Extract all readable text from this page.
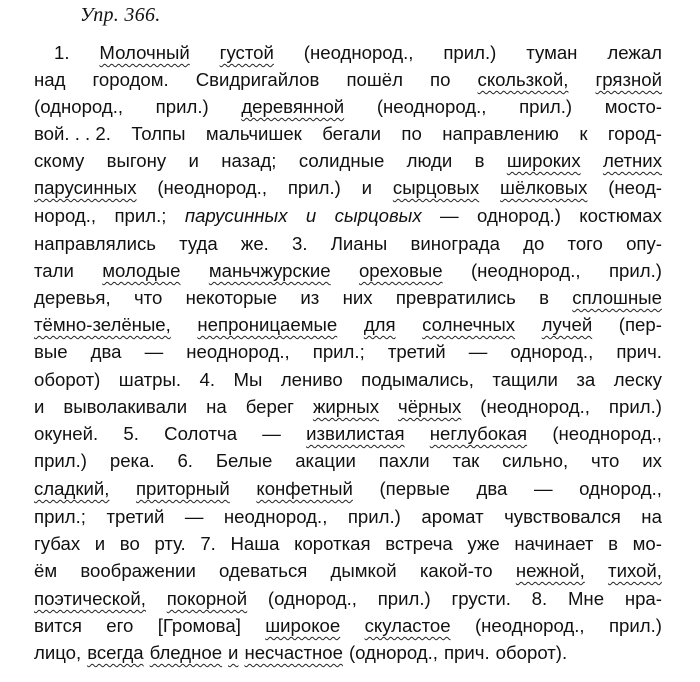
Упр. 366.
1. Молочный густой (неоднород., прил.) туман лежал
над городом. Свидригайлов пошёл по скользкой, грязной
(однород., прил.) деревянной (неоднород., прил.) мосто-
вой. . . 2. Толпы мальчишек бегали по направлению к город-
скому выгону и назад; солидные люди в широких летних
парусинных (неоднород., прил.) и сырцовых шёлковых (неод-
нород., прил.; парусинных и сырцовых — однород.) костюмах
направлялись туда же. 3. Лианы винограда до того опу-
тали молодые маньчжурские ореховые (неоднород., прил.)
деревья, что некоторые из них превратились в сплошные
тёмно-зелёные, непроницаемые для солнечных лучей (пер-
вые два — неоднород., прил.; третий — однород., прич.
оборот) шатры. 4. Мы лениво подымались, тащили за леску
и выволакивали на берег жирных чёрных (неоднород., прил.)
окуней. 5. Солотча — извилистая неглубокая (неоднород.,
прил.) река. 6. Белые акации пахли так сильно, что их
сладкий, приторный конфетный (первые два — однород.,
прил.; третий — неоднород., прил.) аромат чувствовался на
губах и во рту. 7. Наша короткая встреча уже начинает в мо-
ём воображении одеваться дымкой какой-то нежной, тихой,
поэтической, покорной (однород., прил.) грусти. 8. Мне нра-
вится его [Громова] широкое скуластое (неоднород., прил.)
лицо, всегда бледное и несчастное (однород., прич. оборот).
